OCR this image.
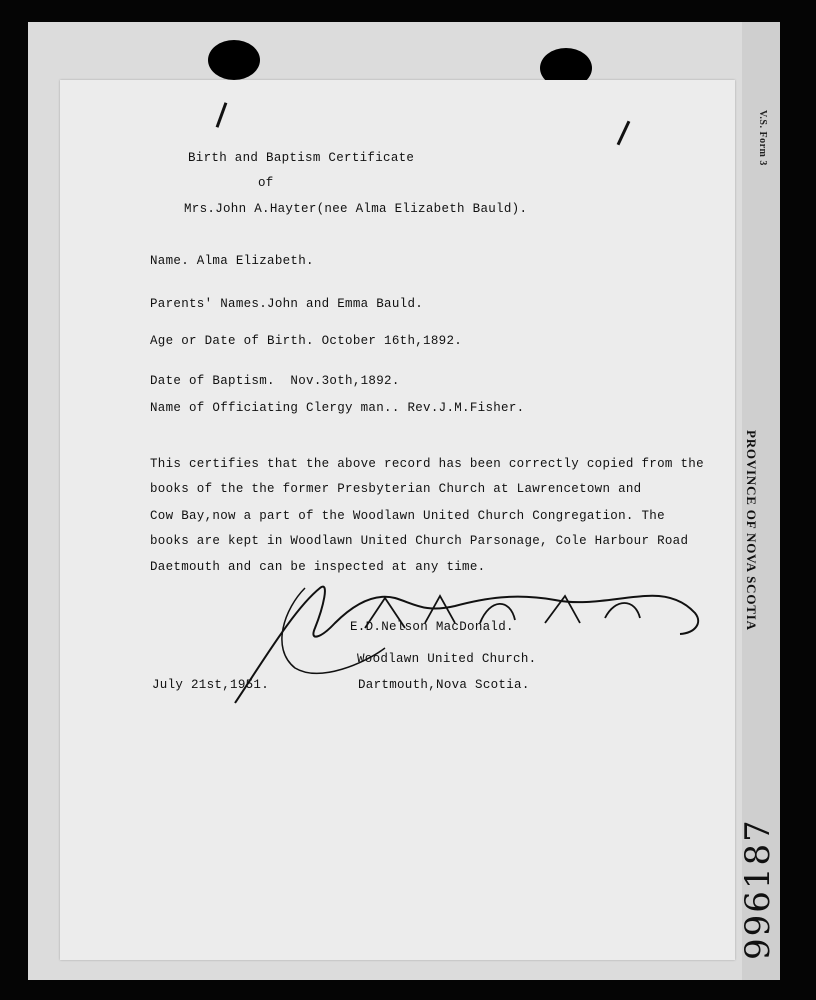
V.S. Form 3
PROVINCE OF NOVA SCOTIA
996187
Birth and Baptism Certificate
of
Mrs.John A.Hayter(nee Alma Elizabeth Bauld).
Name. Alma Elizabeth.
Parents' Names.John and Emma Bauld.
Age or Date of Birth. October 16th,1892.
Date of Baptism.  Nov.3oth,1892.
Name of Officiating Clergy man.. Rev.J.M.Fisher.
This certifies that the above record has been correctly copied from the
books of the the former Presbyterian Church at Lawrencetown and
Cow Bay,now a part of the Woodlawn United Church Congregation. The
books are kept in Woodlawn United Church Parsonage, Cole Harbour Road
Daetmouth and can be inspected at any time.
E.D.Nelson MacDonald.
Woodlawn United Church.
July 21st,1951.	Dartmouth,Nova Scotia.
